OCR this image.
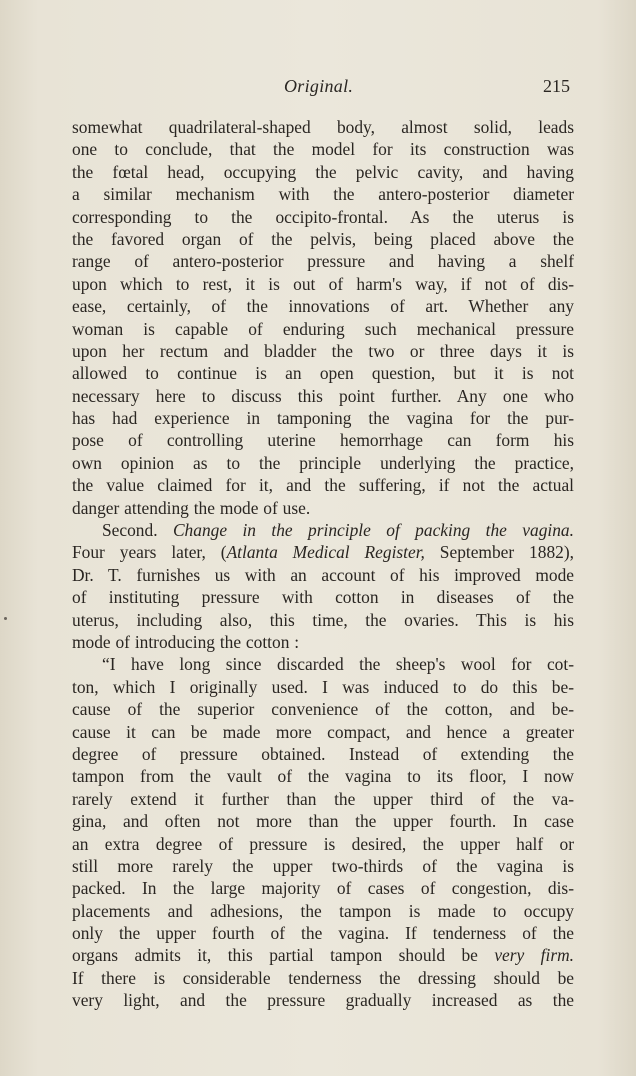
Original.	215
somewhat quadrilateral-shaped body, almost solid, leads
one to conclude, that the model for its construction was
the fœtal head, occupying the pelvic cavity, and having
a similar mechanism with the antero-posterior diameter
corresponding to the occipito-frontal. As the uterus is
the favored organ of the pelvis, being placed above the
range of antero-posterior pressure and having a shelf
upon which to rest, it is out of harm's way, if not of dis-
ease, certainly, of the innovations of art. Whether any
woman is capable of enduring such mechanical pressure
upon her rectum and bladder the two or three days it is
allowed to continue is an open question, but it is not
necessary here to discuss this point further. Any one who
has had experience in tamponing the vagina for the pur-
pose of controlling uterine hemorrhage can form his
own opinion as to the principle underlying the practice,
the value claimed for it, and the suffering, if not the actual
danger attending the mode of use.
Second. Change in the principle of packing the vagina.
Four years later, (Atlanta Medical Register, September 1882),
Dr. T. furnishes us with an account of his improved mode
of instituting pressure with cotton in diseases of the
uterus, including also, this time, the ovaries. This is his
mode of introducing the cotton :
“I have long since discarded the sheep's wool for cot-
ton, which I originally used. I was induced to do this be-
cause of the superior convenience of the cotton, and be-
cause it can be made more compact, and hence a greater
degree of pressure obtained. Instead of extending the
tampon from the vault of the vagina to its floor, I now
rarely extend it further than the upper third of the va-
gina, and often not more than the upper fourth. In case
an extra degree of pressure is desired, the upper half or
still more rarely the upper two-thirds of the vagina is
packed. In the large majority of cases of congestion, dis-
placements and adhesions, the tampon is made to occupy
only the upper fourth of the vagina. If tenderness of the
organs admits it, this partial tampon should be very firm.
If there is considerable tenderness the dressing should be
very light, and the pressure gradually increased as the
